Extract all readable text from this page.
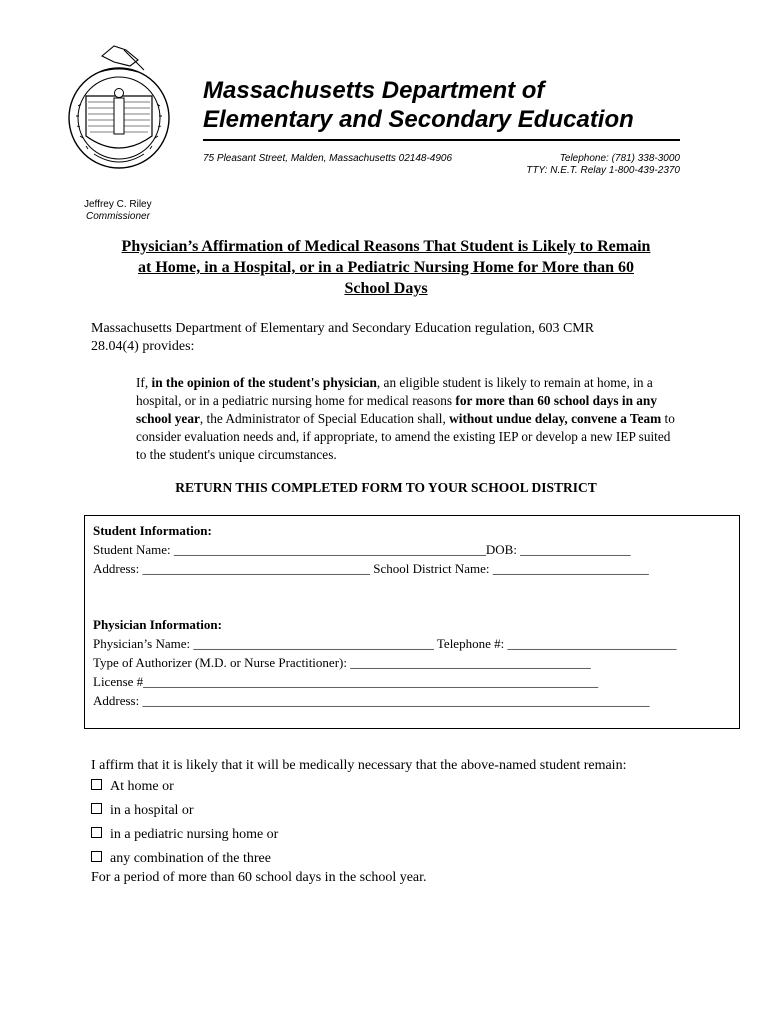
Massachusetts Department of
Elementary and Secondary Education
75 Pleasant Street, Malden, Massachusetts 02148-4906	Telephone: (781) 338-3000
TTY: N.E.T. Relay 1-800-439-2370
Jeffrey C. Riley
Commissioner
Physician’s Affirmation of Medical Reasons That Student is Likely to Remain
at Home, in a Hospital, or in a Pediatric Nursing Home for More than 60
School Days
Massachusetts Department of Elementary and Secondary Education regulation, 603 CMR
28.04(4) provides:
If, in the opinion of the student's physician, an eligible student is likely to remain at home, in a hospital, or in a pediatric nursing home for medical reasons for more than 60 school days in any school year, the Administrator of Special Education shall, without undue delay, convene a Team to consider evaluation needs and, if appropriate, to amend the existing IEP or develop a new IEP suited to the student's unique circumstances.
RETURN THIS COMPLETED FORM TO YOUR SCHOOL DISTRICT
Student Information:
Student Name: ________________________________________________DOB: _________________
Address: ___________________________________ School District Name: ________________________
Physician Information:
Physician’s Name: _____________________________________ Telephone #: __________________________
Type of Authorizer (M.D. or Nurse Practitioner): _____________________________________
License #______________________________________________________________________
Address: ______________________________________________________________________________
I affirm that it is likely that it will be medically necessary that the above-named student remain:
At home or
in a hospital or
in a pediatric nursing home or
any combination of the three
For a period of more than 60 school days in the school year.
